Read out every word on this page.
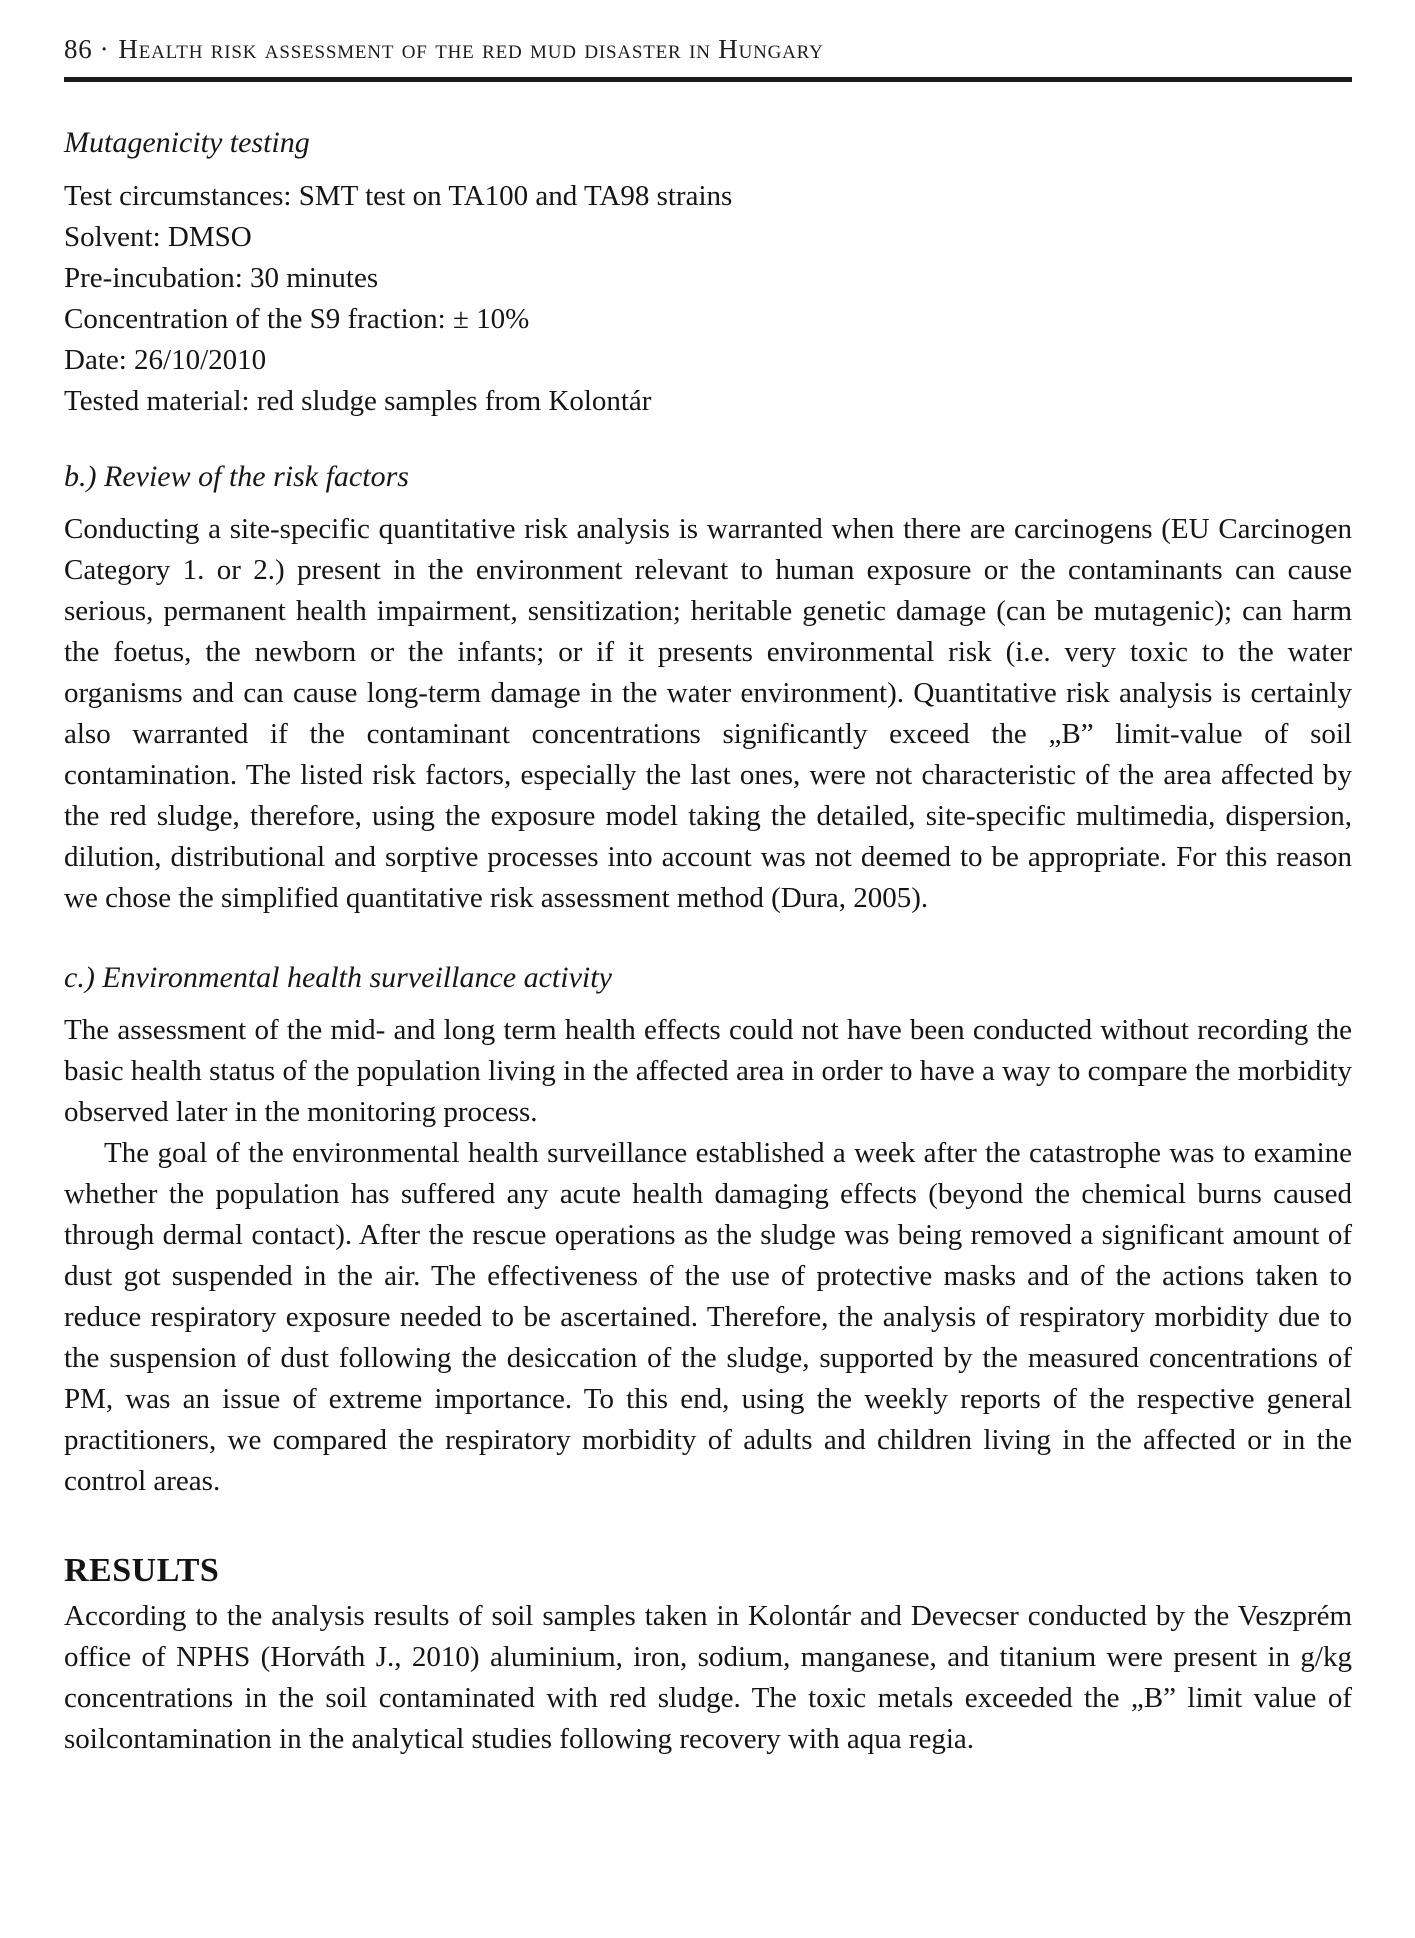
86 · Health risk assessment of the red mud disaster in Hungary
Mutagenicity testing
Test circumstances: SMT test on TA100 and TA98 strains
Solvent: DMSO
Pre-incubation: 30 minutes
Concentration of the S9 fraction: ± 10%
Date: 26/10/2010
Tested material: red sludge samples from Kolontár
b.) Review of the risk factors

Conducting a site-specific quantitative risk analysis is warranted when there are carcinogens (EU Carcinogen Category 1. or 2.) present in the environment relevant to human exposure or the contaminants can cause serious, permanent health impairment, sensitization; heritable genetic damage (can be mutagenic); can harm the foetus, the newborn or the infants; or if it presents environmental risk (i.e. very toxic to the water organisms and can cause long-term damage in the water environment). Quantitative risk analysis is certainly also warranted if the contaminant concentrations significantly exceed the „B” limit-value of soil contamination. The listed risk factors, especially the last ones, were not characteristic of the area affected by the red sludge, therefore, using the exposure model taking the detailed, site-specific multimedia, dispersion, dilution, distributional and sorptive processes into account was not deemed to be appropriate. For this reason we chose the simplified quantitative risk assessment method (Dura, 2005).

c.) Environmental health surveillance activity

The assessment of the mid- and long term health effects could not have been conducted without recording the basic health status of the population living in the affected area in order to have a way to compare the morbidity observed later in the monitoring process.

The goal of the environmental health surveillance established a week after the catastrophe was to examine whether the population has suffered any acute health damaging effects (beyond the chemical burns caused through dermal contact). After the rescue operations as the sludge was being removed a significant amount of dust got suspended in the air. The effectiveness of the use of protective masks and of the actions taken to reduce respiratory exposure needed to be ascertained. Therefore, the analysis of respiratory morbidity due to the suspension of dust following the desiccation of the sludge, supported by the measured concentrations of PM, was an issue of extreme importance. To this end, using the weekly reports of the respective general practitioners, we compared the respiratory morbidity of adults and children living in the affected or in the control areas.

RESULTS

According to the analysis results of soil samples taken in Kolontár and Devecser conducted by the Veszprém office of NPHS (Horváth J., 2010) aluminium, iron, sodium, manganese, and titanium were present in g/kg concentrations in the soil contaminated with red sludge. The toxic metals exceeded the „B” limit value of soilcontamination in the analytical studies following recovery with aqua regia.
